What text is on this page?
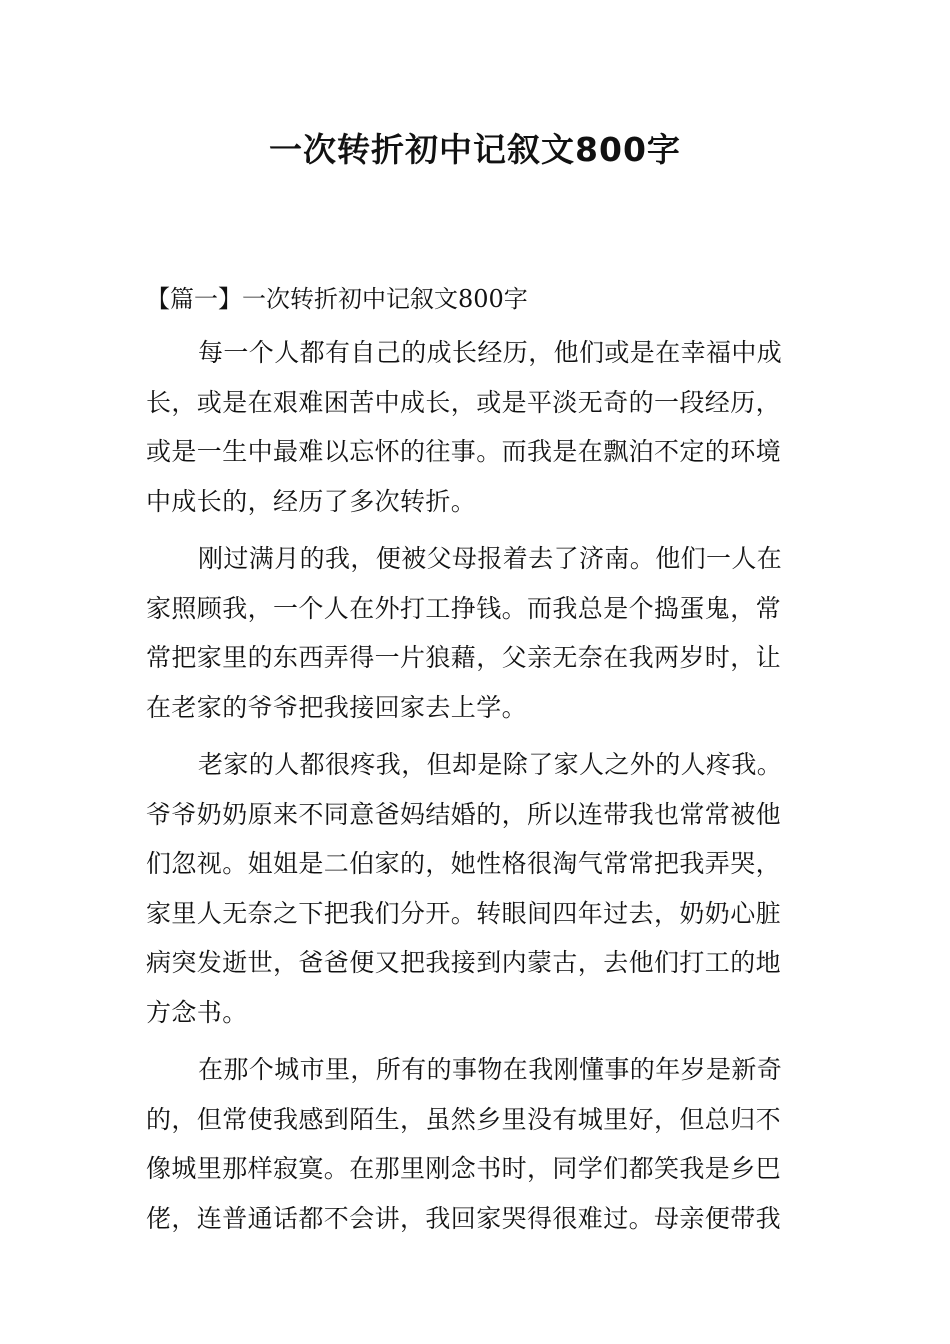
一次转折初中记叙文800字
【篇一】一次转折初中记叙文800字
每一个人都有自己的成长经历，他们或是在幸福中成
长，或是在艰难困苦中成长，或是平淡无奇的一段经历，
或是一生中最难以忘怀的往事。而我是在飘泊不定的环境
中成长的，经历了多次转折。
刚过满月的我，便被父母报着去了济南。他们一人在
家照顾我，一个人在外打工挣钱。而我总是个捣蛋鬼，常
常把家里的东西弄得一片狼藉，父亲无奈在我两岁时，让
在老家的爷爷把我接回家去上学。
老家的人都很疼我，但却是除了家人之外的人疼我。
爷爷奶奶原来不同意爸妈结婚的，所以连带我也常常被他
们忽视。姐姐是二伯家的，她性格很淘气常常把我弄哭，
家里人无奈之下把我们分开。转眼间四年过去，奶奶心脏
病突发逝世，爸爸便又把我接到内蒙古，去他们打工的地
方念书。
在那个城市里，所有的事物在我刚懂事的年岁是新奇
的，但常使我感到陌生，虽然乡里没有城里好，但总归不
像城里那样寂寞。在那里刚念书时，同学们都笑我是乡巴
佬，连普通话都不会讲，我回家哭得很难过。母亲便带我
